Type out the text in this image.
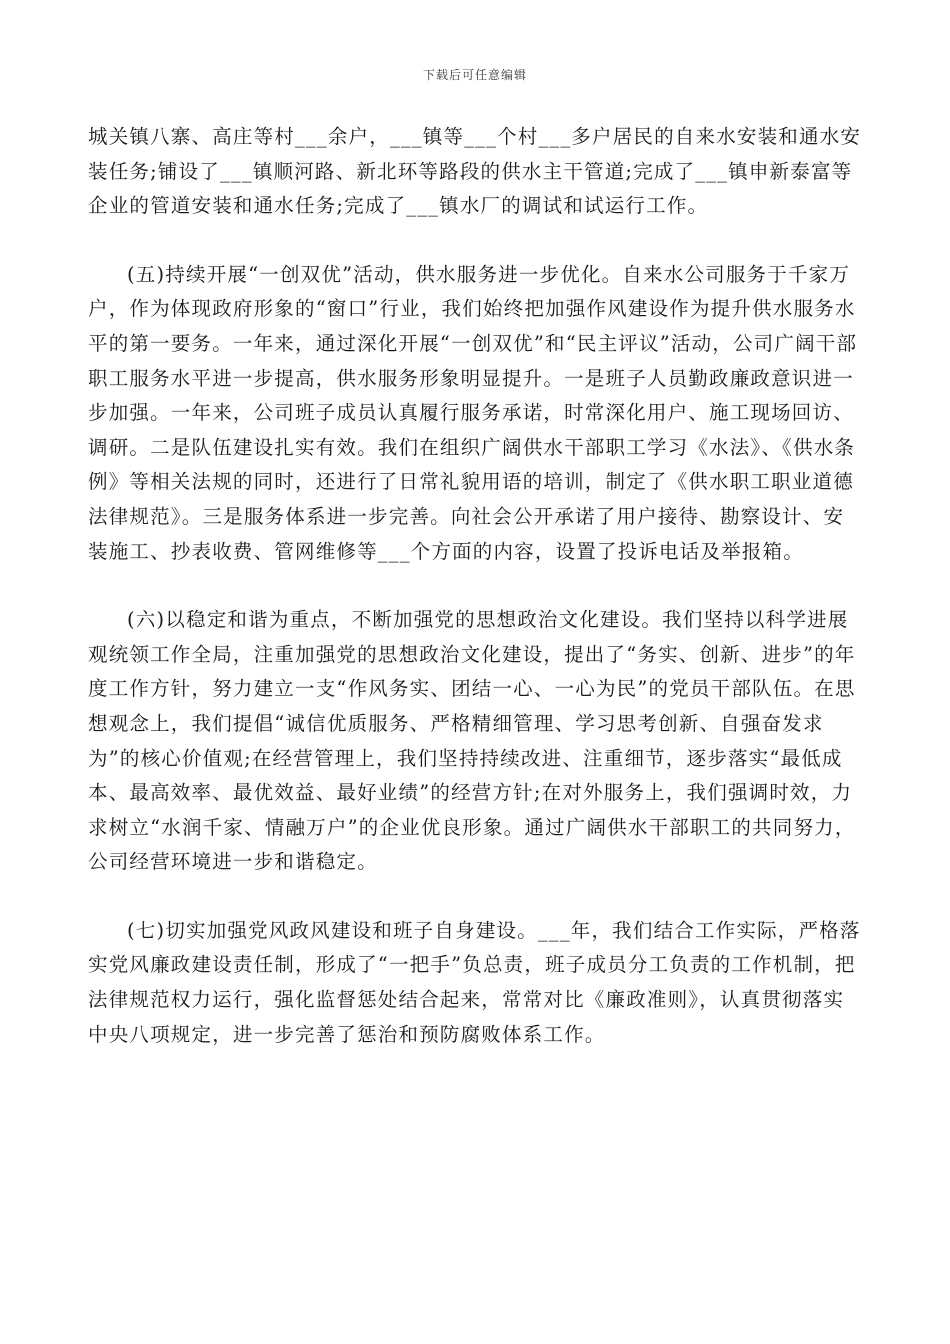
下载后可任意编辑

城关镇八寨、高庄等村___余户，___镇等___个村___多户居民的自来水安装和通水安装任务;铺设了___镇顺河路、新北环等路段的供水主干管道;完成了___镇申新泰富等企业的管道安装和通水任务;完成了___镇水厂的调试和试运行工作。

(五)持续开展“一创双优”活动，供水服务进一步优化。自来水公司服务于千家万户，作为体现政府形象的“窗口”行业，我们始终把加强作风建设作为提升供水服务水平的第一要务。一年来，通过深化开展“一创双优”和“民主评议”活动，公司广阔干部职工服务水平进一步提高，供水服务形象明显提升。一是班子人员勤政廉政意识进一步加强。一年来，公司班子成员认真履行服务承诺，时常深化用户、施工现场回访、调研。二是队伍建设扎实有效。我们在组织广阔供水干部职工学习《水法》、《供水条例》等相关法规的同时，还进行了日常礼貌用语的培训，制定了《供水职工职业道德法律规范》。三是服务体系进一步完善。向社会公开承诺了用户接待、勘察设计、安装施工、抄表收费、管网维修等___个方面的内容，设置了投诉电话及举报箱。

(六)以稳定和谐为重点，不断加强党的思想政治文化建设。我们坚持以科学进展观统领工作全局，注重加强党的思想政治文化建设，提出了“务实、创新、进步”的年度工作方针，努力建立一支“作风务实、团结一心、一心为民”的党员干部队伍。在思想观念上，我们提倡“诚信优质服务、严格精细管理、学习思考创新、自强奋发求为”的核心价值观;在经营管理上，我们坚持持续改进、注重细节，逐步落实“最低成本、最高效率、最优效益、最好业绩”的经营方针;在对外服务上，我们强调时效，力求树立“水润千家、情融万户”的企业优良形象。通过广阔供水干部职工的共同努力，公司经营环境进一步和谐稳定。

(七)切实加强党风政风建设和班子自身建设。___年，我们结合工作实际，严格落实党风廉政建设责任制，形成了“一把手”负总责，班子成员分工负责的工作机制，把法律规范权力运行，强化监督惩处结合起来，常常对比《廉政准则》，认真贯彻落实中央八项规定，进一步完善了惩治和预防腐败体系工作。
